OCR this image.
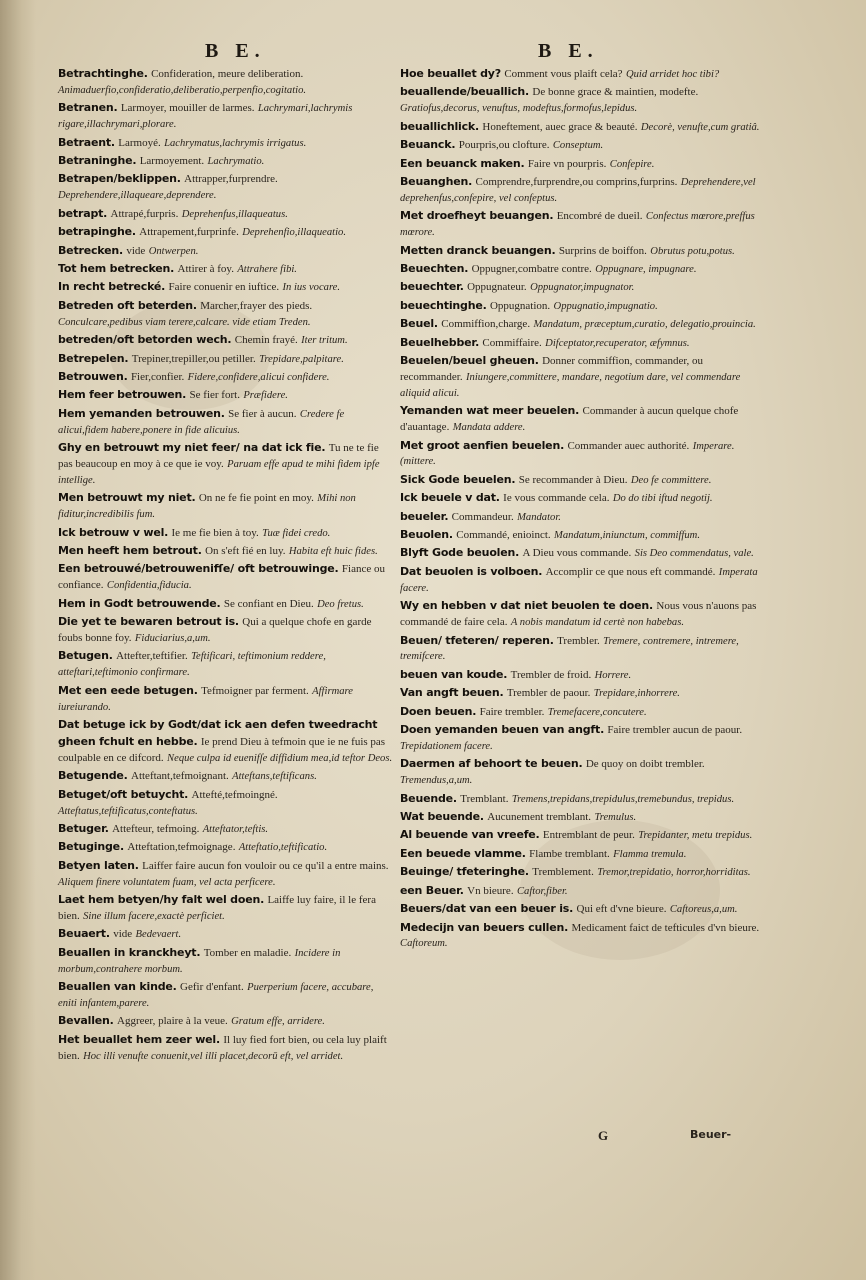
B E.	B E.
Betrachtinghe. Confideration, meure deliberation. Animaduerfio,confideratio,deliberatio,perpenfio,cogitatio.
Betranen. Larmoyer, mouiller de larmes. Lachrymari,lachrymis rigare,illachrymari,plorare.
Betraent. Larmoyé. Lachrymatus,lachrymis irrigatus.
Betraninghe. Larmoyement. Lachrymatio.
Betrapen/beklippen. Attrapper,furprendre. Deprehendere,illaqueare,deprendere.
betrapt. Attrapé,furpris. Deprehenfus,illaqueatus.
betrapinghe. Attrapement,furprinfe. Deprehenfio,illaqueatio.
Betrecken. vide Ontwerpen.
Tot hem betrecken. Attirer à foy. Attrahere fibi.
In recht betrecké. Faire conuenir en iuftice. In ius vocare.
Betreden oft beterden. Marcher,frayer des pieds. Conculcare,pedibus viam terere,calcare. vide etiam Treden.
betreden/oft betorden wech. Chemin frayé. Iter tritum.
Betrepelen. Trepiner,trepiller,ou petiller. Trepidare,palpitare.
Betrouwen. Fier,confier. Fidere,confidere,alicui confidere.
Hem feer betrouwen. Se fier fort. Præfidere.
Hem yemanden betrouwen. Se fier à aucun. Credere fe alicui,fidem habere,ponere in fide alicuius.
Ghy en betrouwt my niet feer/ na dat ick fie. Tu ne te fie pas beaucoup en moy à ce que ie voy. Paruam effe apud te mihi fidem ipfe intellige.
Men betrouwt my niet. On ne fe fie point en moy. Mihi non fiditur,incredibilis fum.
Ick betrouw v wel. Ie me fie bien à toy. Tuæ fidei credo.
Men heeft hem betrout. On s'eft fié en luy. Habita eft huic fides.
Een betrouwé/betrouwenifſe/ oft betrouwinge. Fiance ou confiance. Confidentia,fiducia.
Hem in Godt betrouwende. Se confiant en Dieu. Deo fretus.
Die yet te bewaren betrout is. Qui a quelque chofe en garde foubs bonne foy. Fiduciarius,a,um.
Betugen. Attefter,teftifier. Teftificari, teftimonium reddere, atteftari,teftimonio confirmare.
Met een eede betugen. Tefmoigner par ferment. Affirmare iureiurando.
Dat betuge ick by Godt/dat ick aen defen tweedracht gheen fchult en hebbe. Ie prend Dieu à tefmoin que ie ne fuis pas coulpable en ce difcord. Neque culpa id euenifſe diffidium mea,id teftor Deos.
Betugende. Atteftant,tefmoignant. Atteftans,teftificans.
Betuget/oft betuycht. Attefté,tefmoingné. Atteftatus,teftificatus,conteftatus.
Betuger. Attefteur, tefmoing. Atteftator,teftis.
Betuginge. Atteftation,tefmoignage. Atteftatio,teftificatio.
Betyen laten. Laiffer faire aucun fon vouloir ou ce qu'il a entre mains. Aliquem finere voluntatem fuam, vel acta perficere.
Laet hem betyen/hy falt wel doen. Laiffe luy faire, il le fera bien. Sine illum facere,exactè perficiet.
Beuaert. vide Bedevaert.
Beuallen in kranckheyt. Tomber en maladie. Incidere in morbum,contrahere morbum.
Beuallen van kinde. Gefir d'enfant. Puerperium facere, accubare, eniti infantem,parere.
Bevallen. Aggreer, plaire à la veue. Gratum effe, arridere.
Het beuallet hem zeer wel. Il luy fied fort bien, ou cela luy plaift bien. Hoc illi venufte conuenit,vel illi placet,decorū eft, vel arridet.
Hoe beuallet dy? Comment vous plaift cela? Quid arridet hoc tibi?
beuallende/beuallich. De bonne grace & maintien, modefte. Gratiofus,decorus, venuftus, modeftus,formofus,lepidus.
beuallichlick. Honeftement, auec grace & beauté. Decorè, venufte,cum gratiâ.
Beuanck. Pourpris,ou clofture. Conseptum.
Een beuanck maken. Faire vn pourpris. Confepire.
Beuanghen. Comprendre,furprendre,ou comprins,furprins. Deprehendere,vel deprehenfus,confepire, vel confeptus.
Met droefheyt beuangen. Encombré de dueil. Confectus mœrore,preffus mœrore.
Metten dranck beuangen. Surprins de boiffon. Obrutus potu,potus.
Beuechten. Oppugner,combatre contre. Oppugnare, impugnare.
beuechter. Oppugnateur. Oppugnator,impugnator.
beuechtinghe. Oppugnation. Oppugnatio,impugnatio.
Beuel. Commiffion,charge. Mandatum, præceptum,curatio, delegatio,prouincia.
Beuelhebber. Commiffaire. Difceptator,recuperator, æfymnus.
Beuelen/beuel gheuen. Donner commiffion, commander, ou recommander. Iniungere,committere, mandare, negotium dare, vel commendare aliquid alicui.
Yemanden wat meer beuelen. Commander à aucun quelque chofe d'auantage. Mandata addere.
Met groot aenfien beuelen. Commander auec authorité. Imperare. (mittere.
Sick Gode beuelen. Se recommander à Dieu. Deo fe committere.
Ick beuele v dat. Ie vous commande cela. Do do tibi iftud negotij.
beueler. Commandeur. Mandator.
Beuolen. Commandé, enioinct. Mandatum,iniunctum, commiffum.
Blyft Gode beuolen. A Dieu vous commande. Sis Deo commendatus, vale.
Dat beuolen is volboen. Accomplir ce que nous eft commandé. Imperata facere.
Wy en hebben v dat niet beuolen te doen. Nous vous n'auons pas commandé de faire cela. A nobis mandatum id certè non habebas.
Beuen/ tfeteren/ reperen. Trembler. Tremere, contremere, intremere, tremifcere.
beuen van koude. Trembler de froid. Horrere.
Van angft beuen. Trembler de paour. Trepidare,inhorrere.
Doen beuen. Faire trembler. Tremefacere,concutere.
Doen yemanden beuen van angft. Faire trembler aucun de paour. Trepidationem facere.
Daermen af behoort te beuen. De quoy on doibt trembler. Tremendus,a,um.
Beuende. Tremblant. Tremens,trepidans,trepidulus,tremebundus, trepidus.
Wat beuende. Aucunement tremblant. Tremulus.
Al beuende van vreefe. Entremblant de peur. Trepidanter, metu trepidus.
Een beuede vlamme. Flambe tremblant. Flamma tremula.
Beuinge/ tfeteringhe. Tremblement. Tremor,trepidatio, horror,horriditas.
een Beuer. Vn bieure. Caftor,fiber.
Beuers/dat van een beuer is. Qui eft d'vne bieure. Caftoreus,a,um.
Medecijn van beuers cullen. Medicament faict de tefticules d'vn bieure. Caftoreum.
G	Beuer-
